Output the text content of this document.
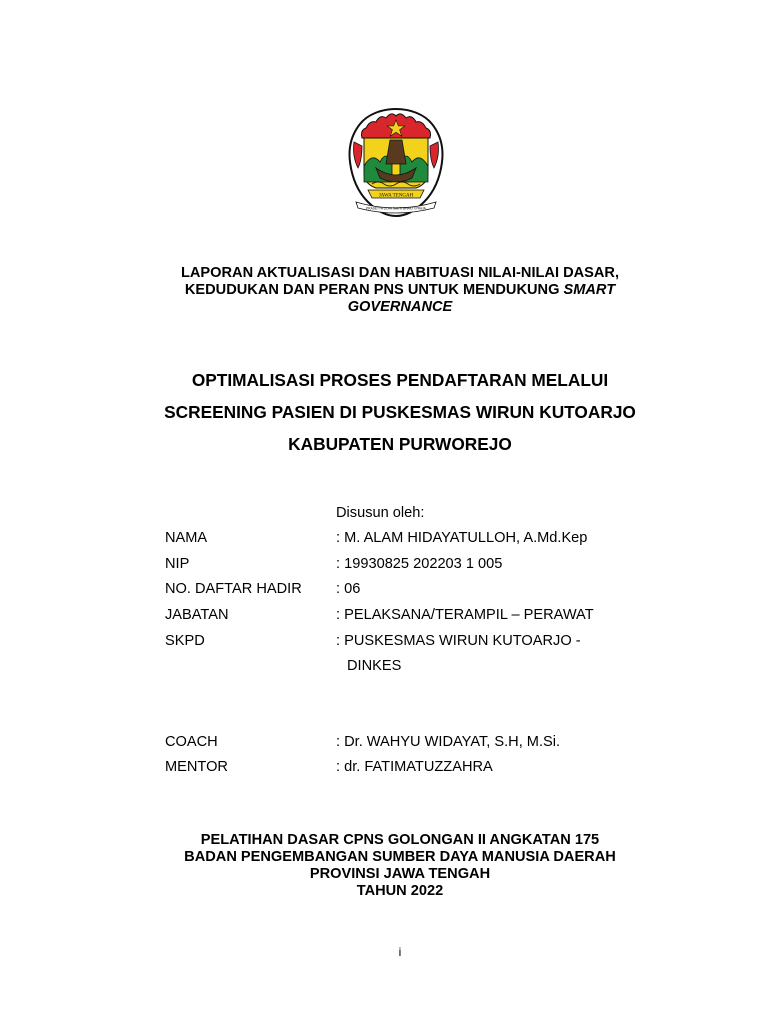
JAWA TENGAH
PRASETYA ULAH SAKTI BHAKTI PRAJA
LAPORAN AKTUALISASI DAN HABITUASI NILAI-NILAI DASAR,
KEDUDUKAN DAN PERAN PNS UNTUK MENDUKUNG SMART
GOVERNANCE
OPTIMALISASI PROSES PENDAFTARAN MELALUI
SCREENING PASIEN DI PUSKESMAS WIRUN KUTOARJO
KABUPATEN PURWOREJO
Disusun oleh:
NAMA	: M. ALAM HIDAYATULLOH, A.Md.Kep
NIP	: 19930825 202203 1 005
NO. DAFTAR HADIR : 06
JABATAN	: PELAKSANA/TERAMPIL – PERAWAT
SKPD	: PUSKESMAS WIRUN KUTOARJO -
DINKES
COACH	: Dr. WAHYU WIDAYAT, S.H, M.Si.
MENTOR	: dr. FATIMATUZZAHRA
PELATIHAN DASAR CPNS GOLONGAN II ANGKATAN 175
BADAN PENGEMBANGAN SUMBER DAYA MANUSIA DAERAH
PROVINSI JAWA TENGAH
TAHUN 2022
i
